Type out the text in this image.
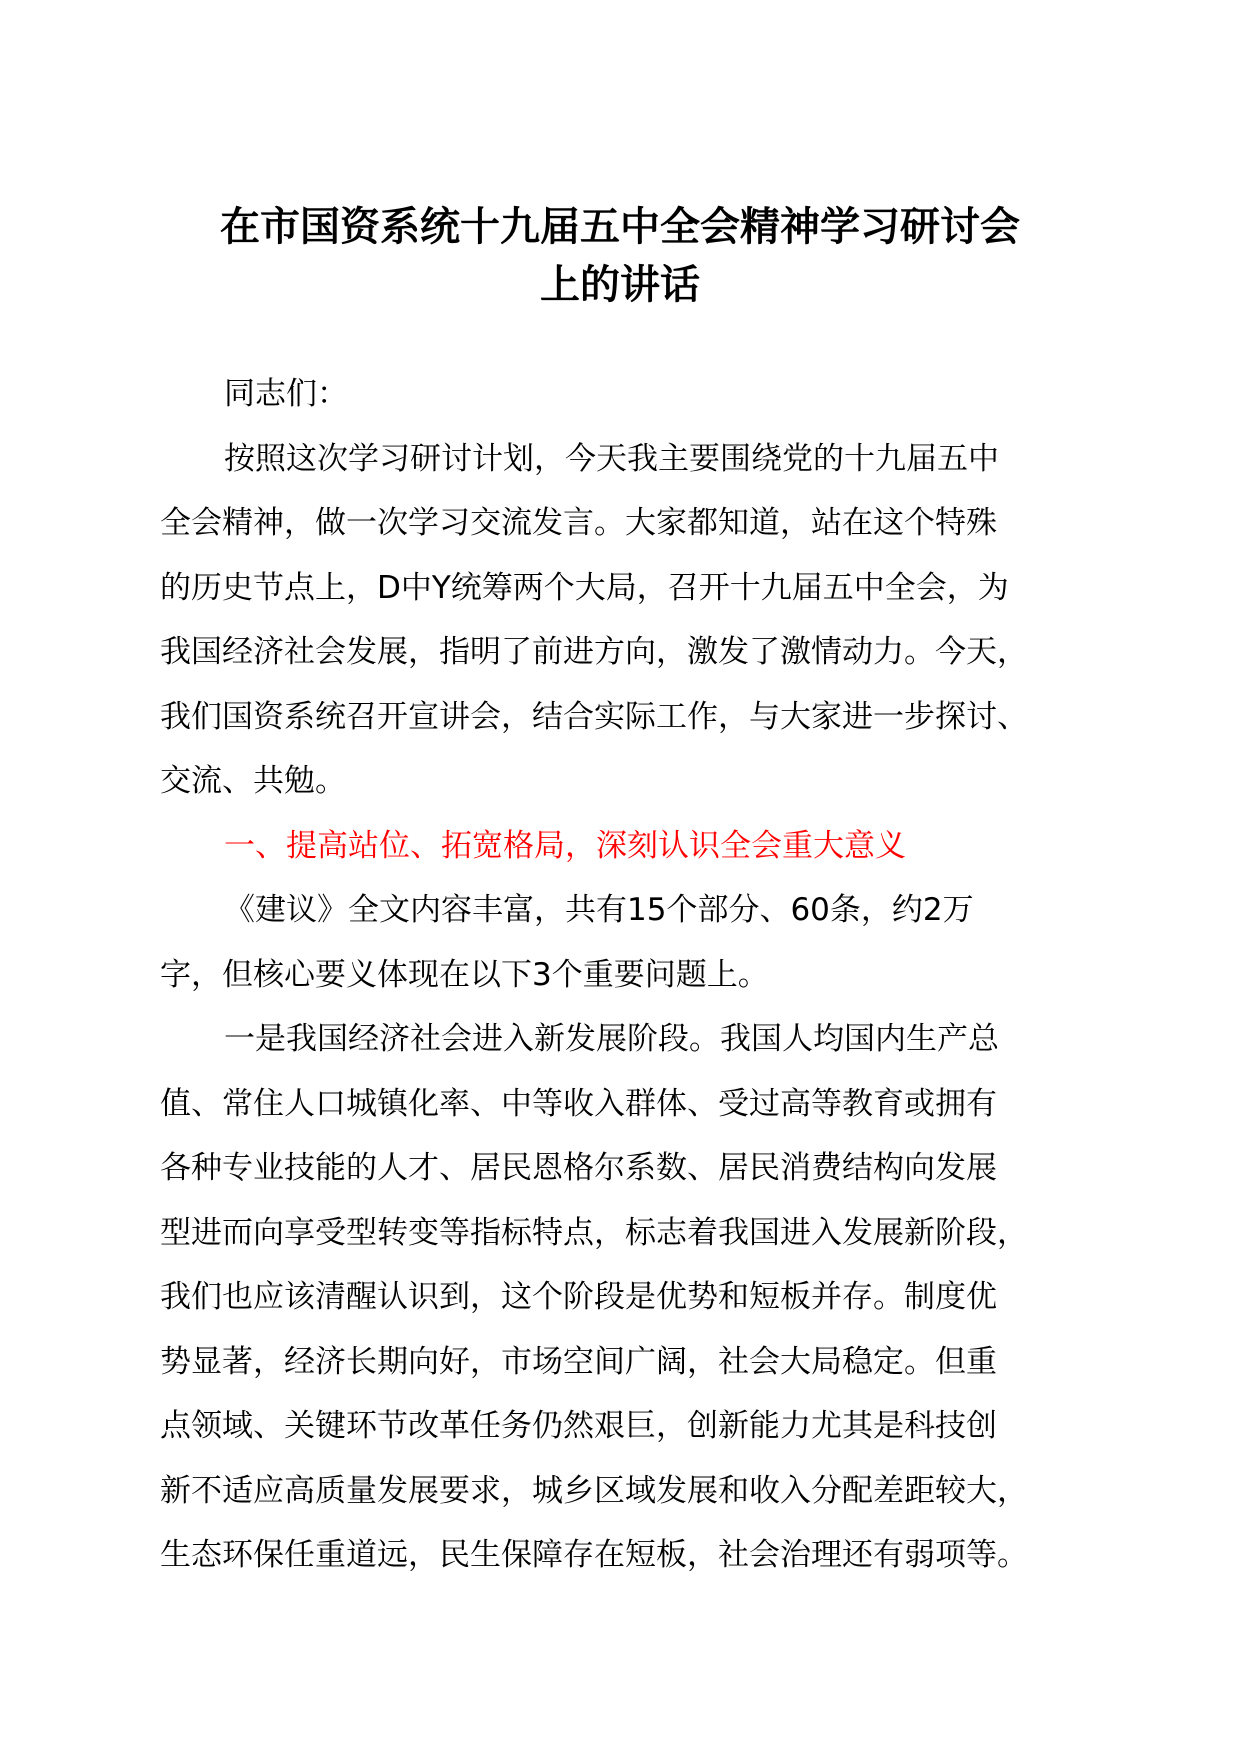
在市国资系统十九届五中全会精神学习研讨会
上的讲话

同志们：

按照这次学习研讨计划，今天我主要围绕党的十九届五中
全会精神，做一次学习交流发言。大家都知道，站在这个特殊
的历史节点上，D中Y统筹两个大局，召开十九届五中全会，为
我国经济社会发展，指明了前进方向，激发了激情动力。今天，
我们国资系统召开宣讲会，结合实际工作，与大家进一步探讨、
交流、共勉。

一、提高站位、拓宽格局，深刻认识全会重大意义

《建议》全文内容丰富，共有15个部分、60条，约2万
字，但核心要义体现在以下3个重要问题上。

一是我国经济社会进入新发展阶段。我国人均国内生产总
值、常住人口城镇化率、中等收入群体、受过高等教育或拥有
各种专业技能的人才、居民恩格尔系数、居民消费结构向发展
型进而向享受型转变等指标特点，标志着我国进入发展新阶段，
我们也应该清醒认识到，这个阶段是优势和短板并存。制度优
势显著，经济长期向好，市场空间广阔，社会大局稳定。但重
点领域、关键环节改革任务仍然艰巨，创新能力尤其是科技创
新不适应高质量发展要求，城乡区域发展和收入分配差距较大，
生态环保任重道远，民生保障存在短板，社会治理还有弱项等。
